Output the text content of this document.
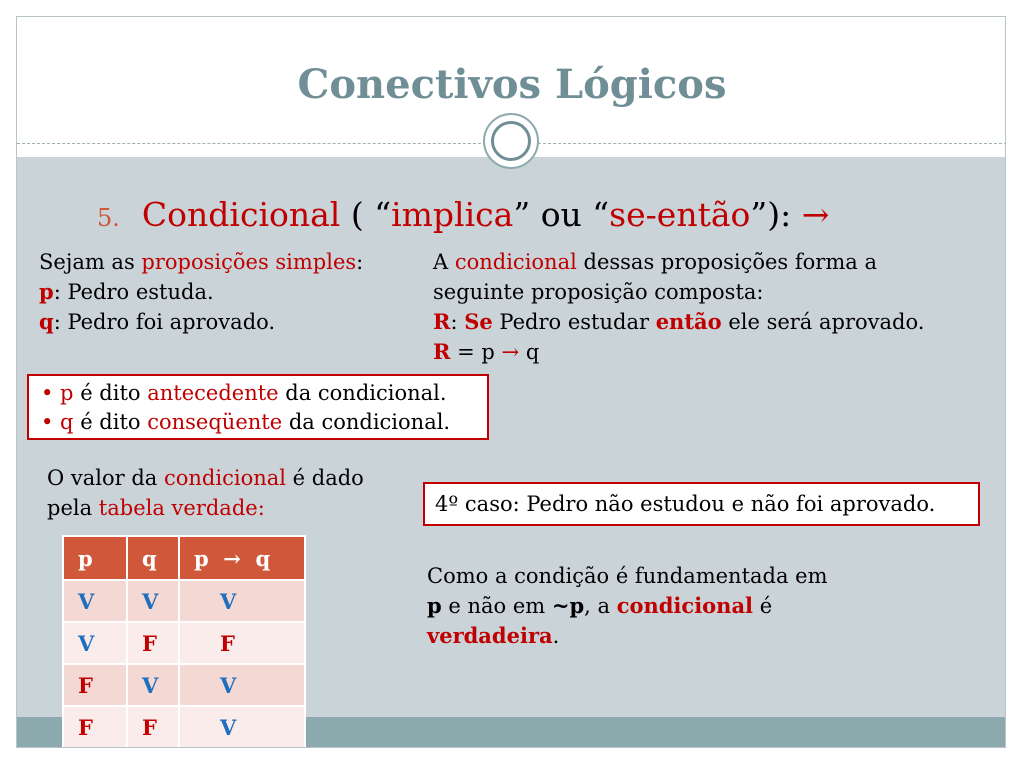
Conectivos Lógicos
5. Condicional ( “implica” ou “se-então”): →
Sejam as proposições simples:
p: Pedro estuda.
q: Pedro foi aprovado.
A condicional dessas proposições forma a
seguinte proposição composta:
R: Se Pedro estudar então ele será aprovado.
R = p → q
• p é dito antecedente da condicional.
• q é dito conseqüente da condicional.
O valor da condicional é dado
pela tabela verdade:	4º caso: Pedro não estudou e não foi aprovado.
Como a condição é fundamentada em
p e não em ~p, a condicional é
verdadeira.
p	q	p  →  q
V	V	V
V	F	F
F	V	V
F	F	V
